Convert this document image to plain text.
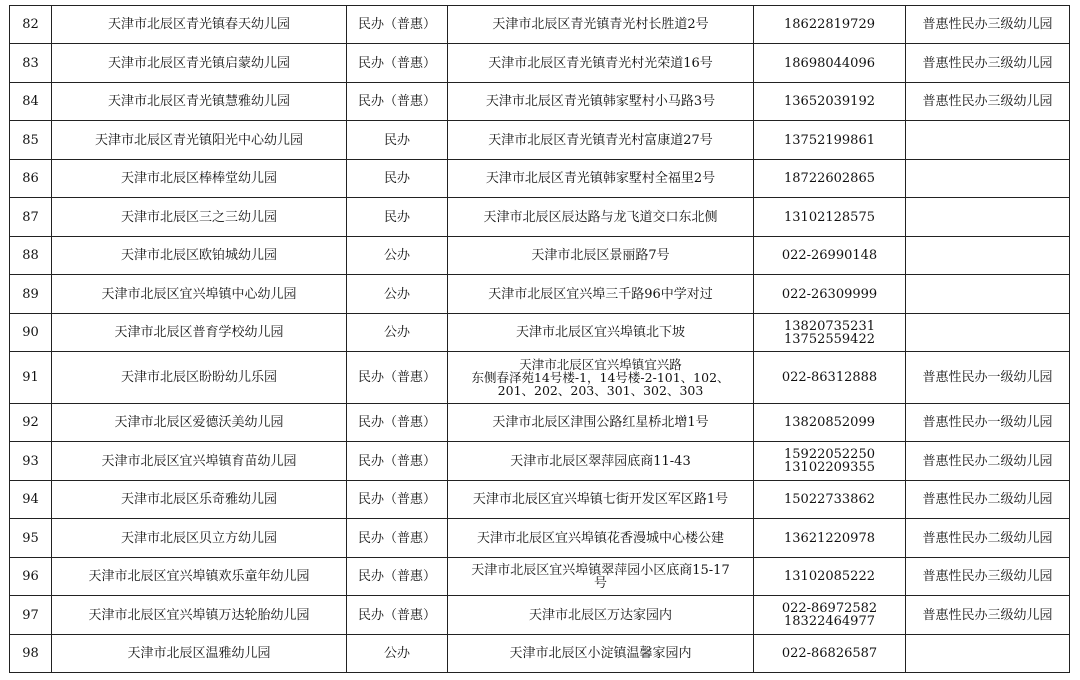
82	天津市北辰区青光镇春天幼儿园	民办（普惠）	天津市北辰区青光镇青光村长胜道2号	18622819729	普惠性民办三级幼儿园
83	天津市北辰区青光镇启蒙幼儿园	民办（普惠）	天津市北辰区青光镇青光村光荣道16号	18698044096	普惠性民办三级幼儿园
84	天津市北辰区青光镇慧雅幼儿园	民办（普惠）	天津市北辰区青光镇韩家墅村小马路3号	13652039192	普惠性民办三级幼儿园
85	天津市北辰区青光镇阳光中心幼儿园	民办	天津市北辰区青光镇青光村富康道27号	13752199861	

86	天津市北辰区棒棒堂幼儿园	民办	天津市北辰区青光镇韩家墅村全福里2号	18722602865	

87	天津市北辰区三之三幼儿园	民办	天津市北辰区辰达路与龙飞道交口东北侧	13102128575	

88	天津市北辰区欧铂城幼儿园	公办	天津市北辰区景丽路7号	022-26990148	

89	天津市北辰区宜兴埠镇中心幼儿园	公办	天津市北辰区宜兴埠三千路96中学对过	022-26309999	

90	天津市北辰区普育学校幼儿园	公办	天津市北辰区宜兴埠镇北下坡	13820735231
13752559422	

91	天津市北辰区盼盼幼儿乐园	民办（普惠）	天津市北辰区宜兴埠镇宜兴路
东侧春泽苑14号楼-1，14号楼-2-101、102、
201、202、203、301、302、303	022-86312888	普惠性民办一级幼儿园
92	天津市北辰区爱德沃美幼儿园	民办（普惠）	天津市北辰区津围公路红星桥北增1号	13820852099	普惠性民办一级幼儿园
93	天津市北辰区宜兴埠镇育苗幼儿园	民办（普惠）	天津市北辰区翠萍园底商11-43	15922052250
13102209355	普惠性民办二级幼儿园
94	天津市北辰区乐奇雅幼儿园	民办（普惠）	天津市北辰区宜兴埠镇七街开发区军区路1号	15022733862	普惠性民办二级幼儿园
95	天津市北辰区贝立方幼儿园	民办（普惠）	天津市北辰区宜兴埠镇花香漫城中心楼公建	13621220978	普惠性民办二级幼儿园
96	天津市北辰区宜兴埠镇欢乐童年幼儿园	民办（普惠）	天津市北辰区宜兴埠镇翠萍园小区底商15-17
号	13102085222	普惠性民办三级幼儿园
97	天津市北辰区宜兴埠镇万达轮胎幼儿园	民办（普惠）	天津市北辰区万达家园内	022-86972582
18322464977	普惠性民办三级幼儿园
98	天津市北辰区温雅幼儿园	公办	天津市北辰区小淀镇温馨家园内	022-86826587	
